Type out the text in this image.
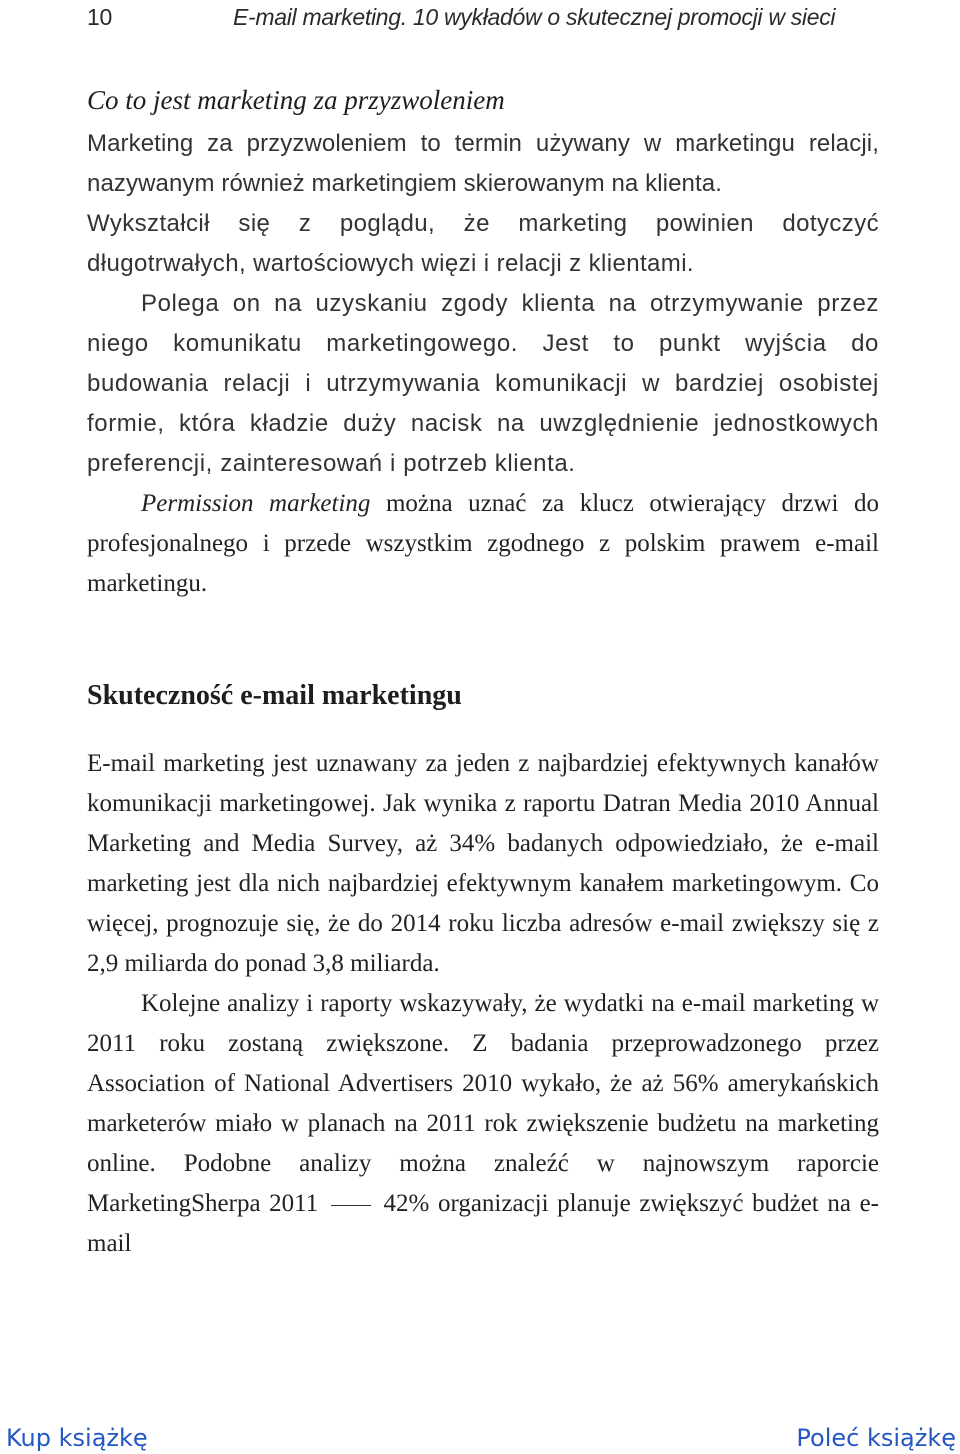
10	E-mail marketing. 10 wykładów o skutecznej promocji w sieci
Co to jest marketing za przyzwoleniem

Marketing za przyzwoleniem to termin używany w marketingu relacji, nazywanym również marketingiem skierowanym na klienta.

Wykształcił się z poglądu, że marketing powinien dotyczyć długotrwałych, wartościowych więzi i relacji z klientami.

Polega on na uzyskaniu zgody klienta na otrzymywanie przez niego komunikatu marketingowego. Jest to punkt wyjścia do budowania relacji i utrzymywania komunikacji w bardziej osobistej formie, która kładzie duży nacisk na uwzględnienie jednostkowych preferencji, zainteresowań i potrzeb klienta.

Permission marketing można uznać za klucz otwierający drzwi do profesjonalnego i przede wszystkim zgodnego z polskim prawem e-mail marketingu.

Skuteczność e-mail marketingu

E-mail marketing jest uznawany za jeden z najbardziej efektywnych kanałów komunikacji marketingowej. Jak wynika z raportu Datran Media 2010 Annual Marketing and Media Survey, aż 34% badanych odpowiedziało, że e-mail marketing jest dla nich najbardziej efektywnym kanałem marketingowym. Co więcej, prognozuje się, że do 2014 roku liczba adresów e-mail zwiększy się z 2,9 miliarda do ponad 3,8 miliarda.

Kolejne analizy i raporty wskazywały, że wydatki na e-mail marketing w 2011 roku zostaną zwiększone. Z badania przeprowadzonego przez Association of National Advertisers 2010 wykało, że aż 56% amerykańskich marketerów miało w planach na 2011 rok zwiększenie budżetu na marketing online. Podobne analizy można znaleźć w najnowszym raporcie MarketingSherpa 2011	42% organizacji planuje zwiększyć budżet na e-mail

Kup książkę	Poleć książkę
